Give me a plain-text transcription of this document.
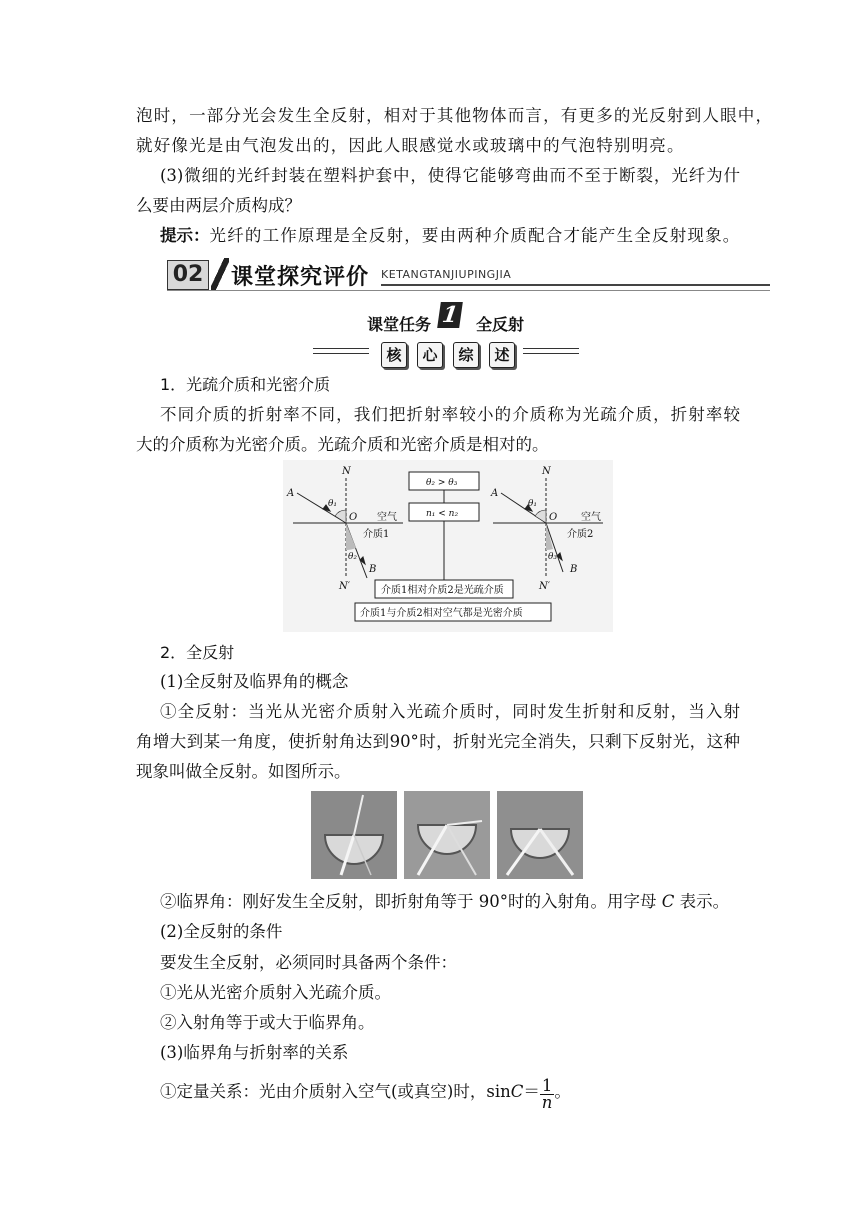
泡时，一部分光会发生全反射，相对于其他物体而言，有更多的光反射到人眼中，
就好像光是由气泡发出的，因此人眼感觉水或玻璃中的气泡特别明亮。
(3)微细的光纤封装在塑料护套中，使得它能够弯曲而不至于断裂，光纤为什
么要由两层介质构成？
提示：光纤的工作原理是全反射，要由两种介质配合才能产生全反射现象。
02 课堂探究评价 KETANGTANJIUPINGJIA
课堂任务 1 全反射
核	心	综	述
1．光疏介质和光密介质
不同介质的折射率不同，我们把折射率较小的介质称为光疏介质，折射率较
大的介质称为光密介质。光疏介质和光密介质是相对的。
A
N
θ₁
O 空气
介质1
θ₂
B
N′
A
N
θ₁
O 空气
介质2
θ₃
B
N′
θ₂ > θ₃
n₁ < n₂
介质1相对介质2是光疏介质
介质1与介质2相对空气都是光密介质
2．全反射
(1)全反射及临界角的概念
①全反射：当光从光密介质射入光疏介质时，同时发生折射和反射，当入射
角增大到某一角度，使折射角达到90°时，折射光完全消失，只剩下反射光，这种
现象叫做全反射。如图所示。
②临界角：刚好发生全反射，即折射角等于 90°时的入射角。用字母 C 表示。
(2)全反射的条件
要发生全反射，必须同时具备两个条件：
①光从光密介质射入光疏介质。
②入射角等于或大于临界角。
(3)临界角与折射率的关系
①定量关系：光由介质射入空气(或真空)时，$\sin C= \frac{1}{n}$ 。
